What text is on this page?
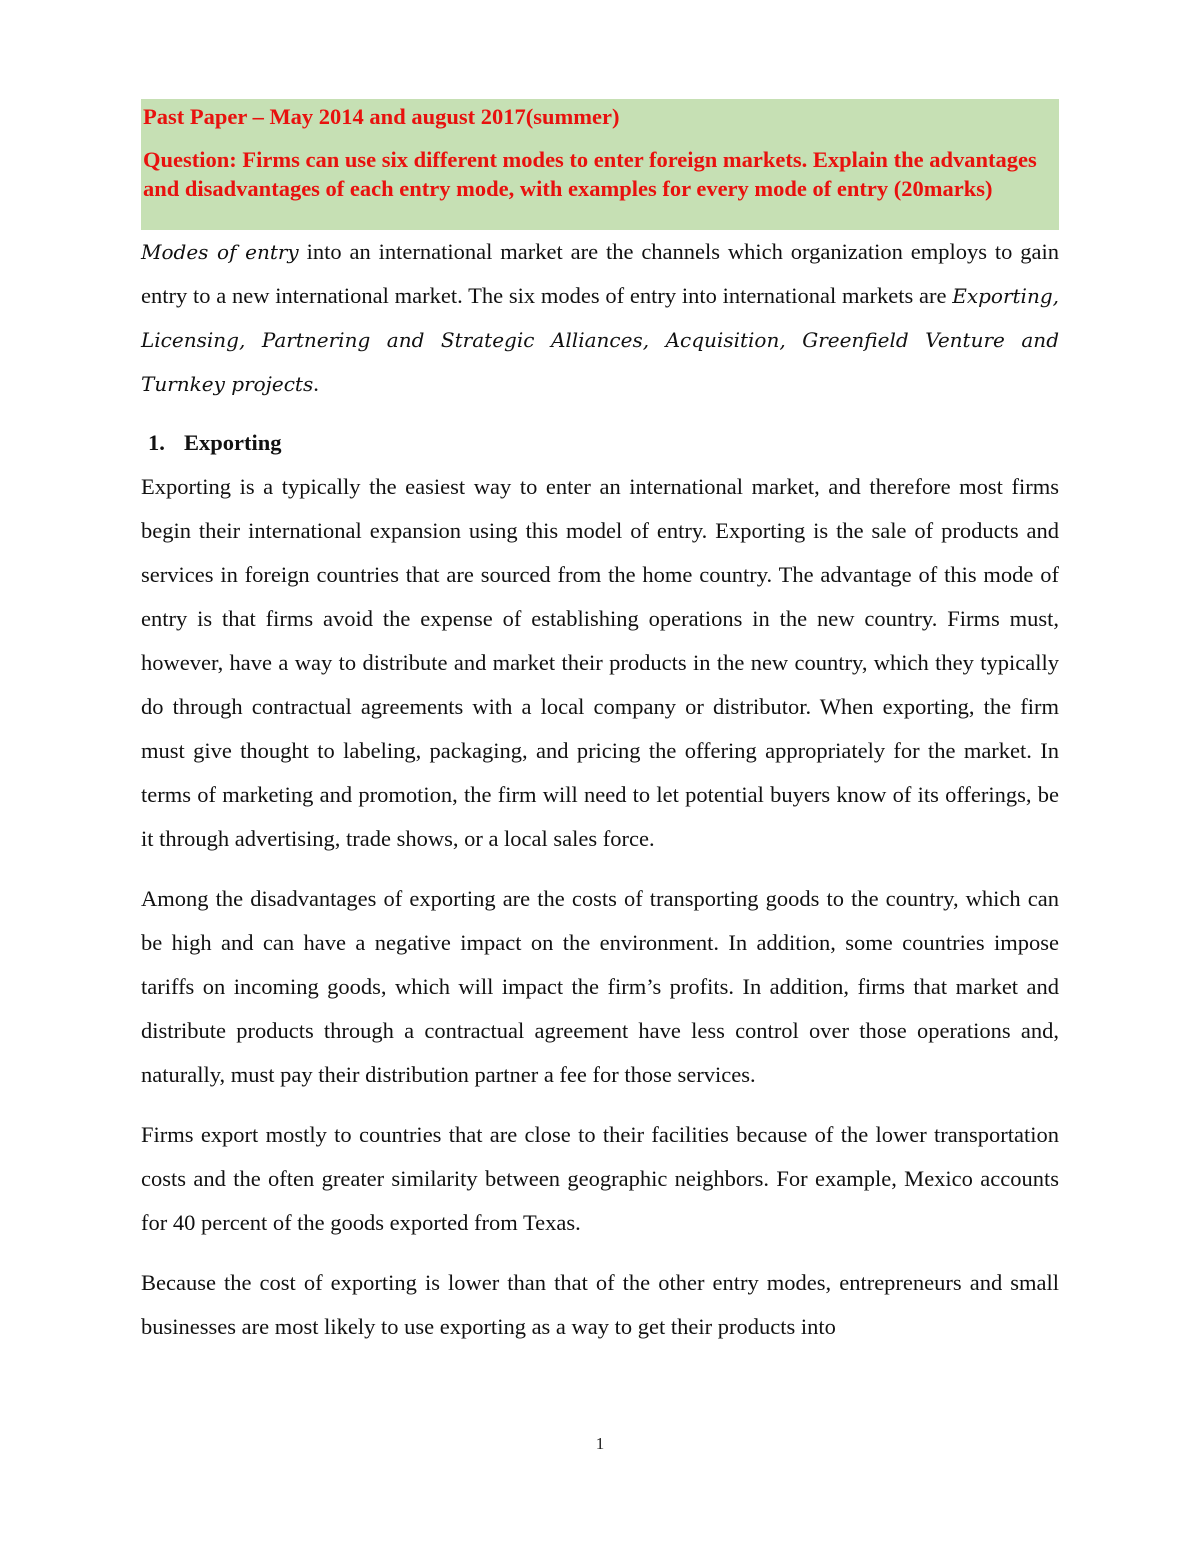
Past Paper – May 2014 and august 2017(summer)

Question: Firms can use six different modes to enter foreign markets. Explain the advantages and disadvantages of each entry mode, with examples for every mode of entry (20marks)

Modes of entry into an international market are the channels which organization employs to gain entry to a new international market. The six modes of entry into international markets are Exporting, Licensing, Partnering and Strategic Alliances, Acquisition, Greenfield Venture and Turnkey projects.

1. Exporting

Exporting is a typically the easiest way to enter an international market, and therefore most firms begin their international expansion using this model of entry. Exporting is the sale of products and services in foreign countries that are sourced from the home country. The advantage of this mode of entry is that firms avoid the expense of establishing operations in the new country. Firms must, however, have a way to distribute and market their products in the new country, which they typically do through contractual agreements with a local company or distributor. When exporting, the firm must give thought to labeling, packaging, and pricing the offering appropriately for the market. In terms of marketing and promotion, the firm will need to let potential buyers know of its offerings, be it through advertising, trade shows, or a local sales force.

Among the disadvantages of exporting are the costs of transporting goods to the country, which can be high and can have a negative impact on the environment. In addition, some countries impose tariffs on incoming goods, which will impact the firm’s profits. In addition, firms that market and distribute products through a contractual agreement have less control over those operations and, naturally, must pay their distribution partner a fee for those services.

Firms export mostly to countries that are close to their facilities because of the lower transportation costs and the often greater similarity between geographic neighbors. For example, Mexico accounts for 40 percent of the goods exported from Texas.

Because the cost of exporting is lower than that of the other entry modes, entrepreneurs and small businesses are most likely to use exporting as a way to get their products into

1
